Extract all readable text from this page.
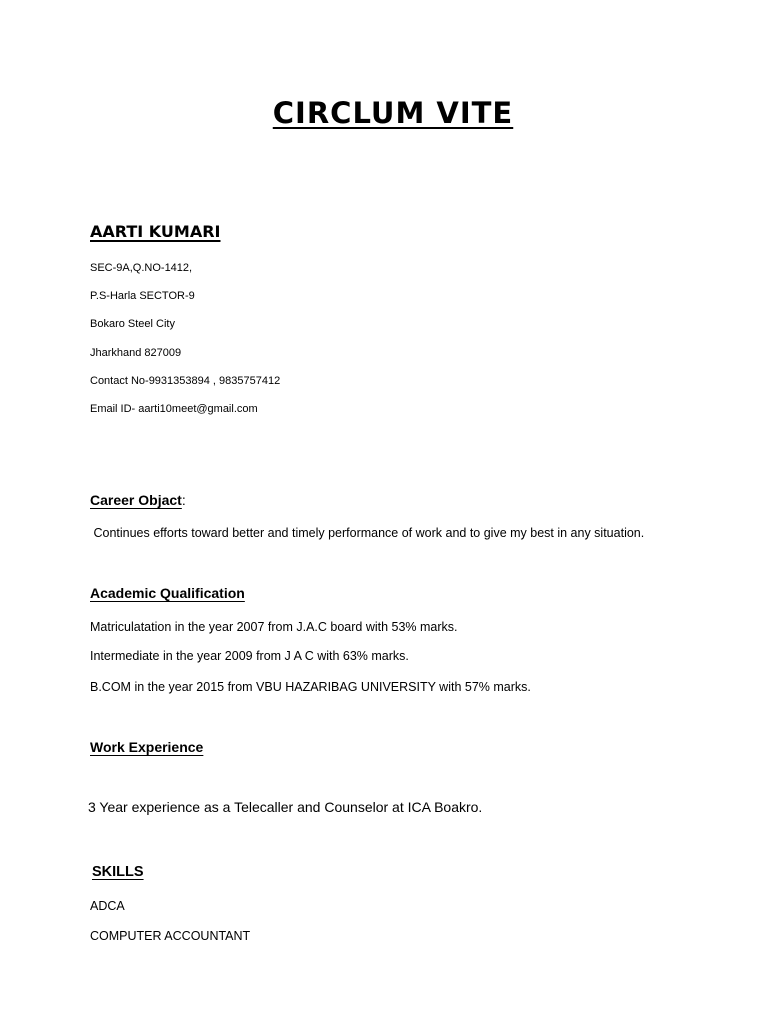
CIRCLUM VITE
AARTI KUMARI
SEC-9A,Q.NO-1412,
P.S-Harla SECTOR-9
Bokaro Steel City
Jharkhand 827009
Contact No-9931353894 , 9835757412
Email ID- aarti10meet@gmail.com
Career Objact:
Continues efforts toward better and timely performance of work and to give my best in any situation.
Academic Qualification
Matriculatation in the year 2007 from J.A.C board with 53% marks.
Intermediate in the year 2009 from J A C with 63% marks.
B.COM in the year 2015 from VBU HAZARIBAG UNIVERSITY with 57% marks.
Work Experience
3 Year experience as a Telecaller and Counselor at ICA Boakro.
SKILLS
ADCA
COMPUTER ACCOUNTANT
